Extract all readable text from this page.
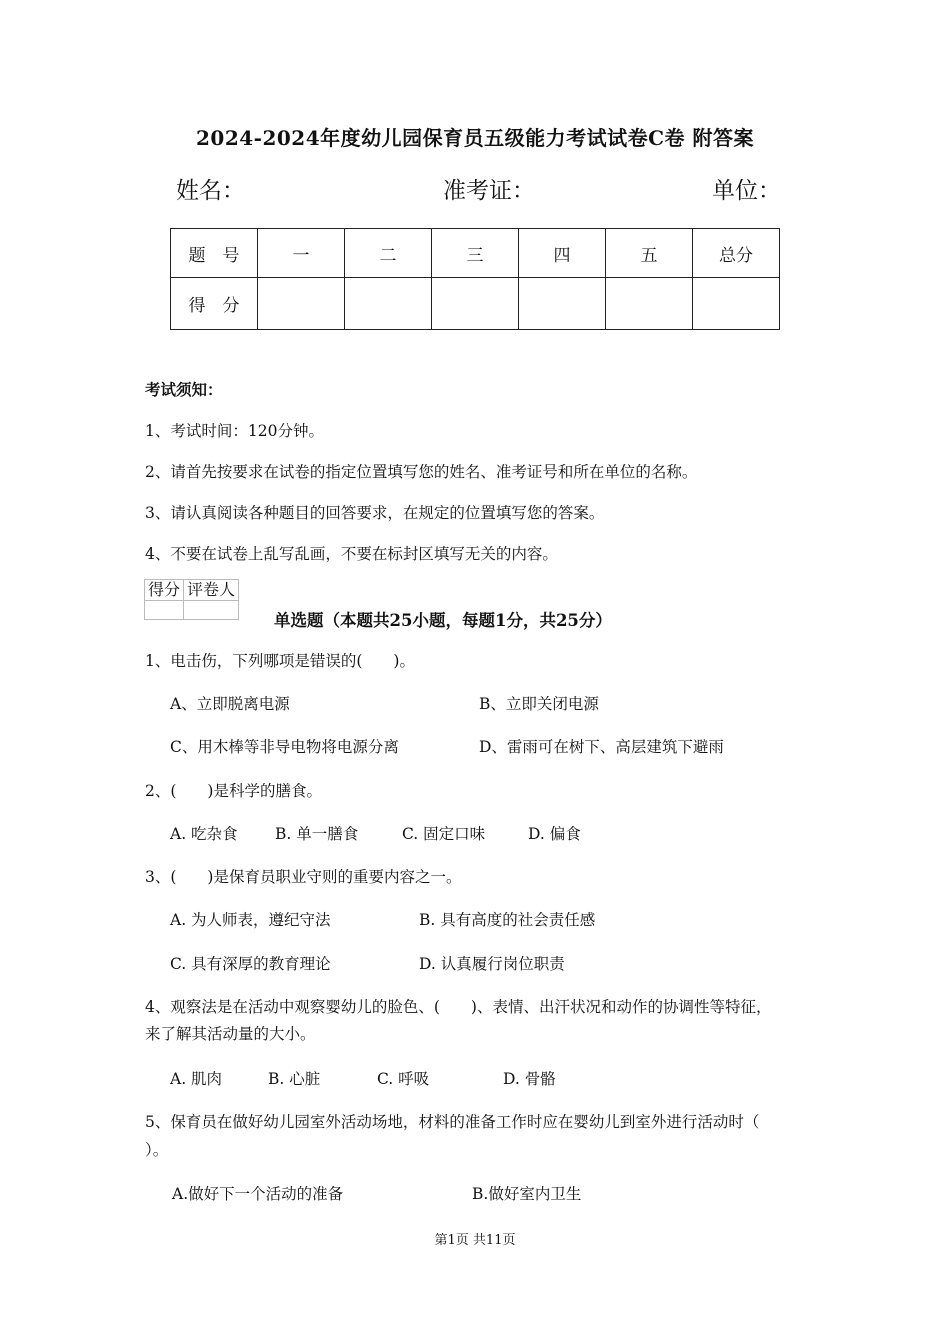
2024-2024年度幼儿园保育员五级能力考试试卷C卷 附答案
姓名：	准考证：	单位：
题　号	一	二	三	四	五	总分
得　分						
考试须知：
1、考试时间：120分钟。
2、请首先按要求在试卷的指定位置填写您的姓名、准考证号和所在单位的名称。
3、请认真阅读各种题目的回答要求，在规定的位置填写您的答案。
4、不要在试卷上乱写乱画，不要在标封区填写无关的内容。
得分	评卷人

单选题（本题共25小题，每题1分，共25分）
1、电击伤，下列哪项是错误的(　　)。
A、立即脱离电源	B、立即关闭电源
C、用木棒等非导电物将电源分离	D、雷雨可在树下、高层建筑下避雨
2、(　　)是科学的膳食。
A. 吃杂食 B. 单一膳食	C. 固定口味	D. 偏食
3、(　　)是保育员职业守则的重要内容之一。
A. 为人师表，遵纪守法	B. 具有高度的社会责任感
C. 具有深厚的教育理论	D. 认真履行岗位职责
4、观察法是在活动中观察婴幼儿的脸色、(　　)、表情、出汗状况和动作的协调性等特征，
来了解其活动量的大小。
A. 肌肉	B. 心脏	C. 呼吸	D. 骨骼
5、保育员在做好幼儿园室外活动场地，材料的准备工作时应在婴幼儿到室外进行活动时（
）。
A.做好下一个活动的准备	B.做好室内卫生
第1页 共11页
